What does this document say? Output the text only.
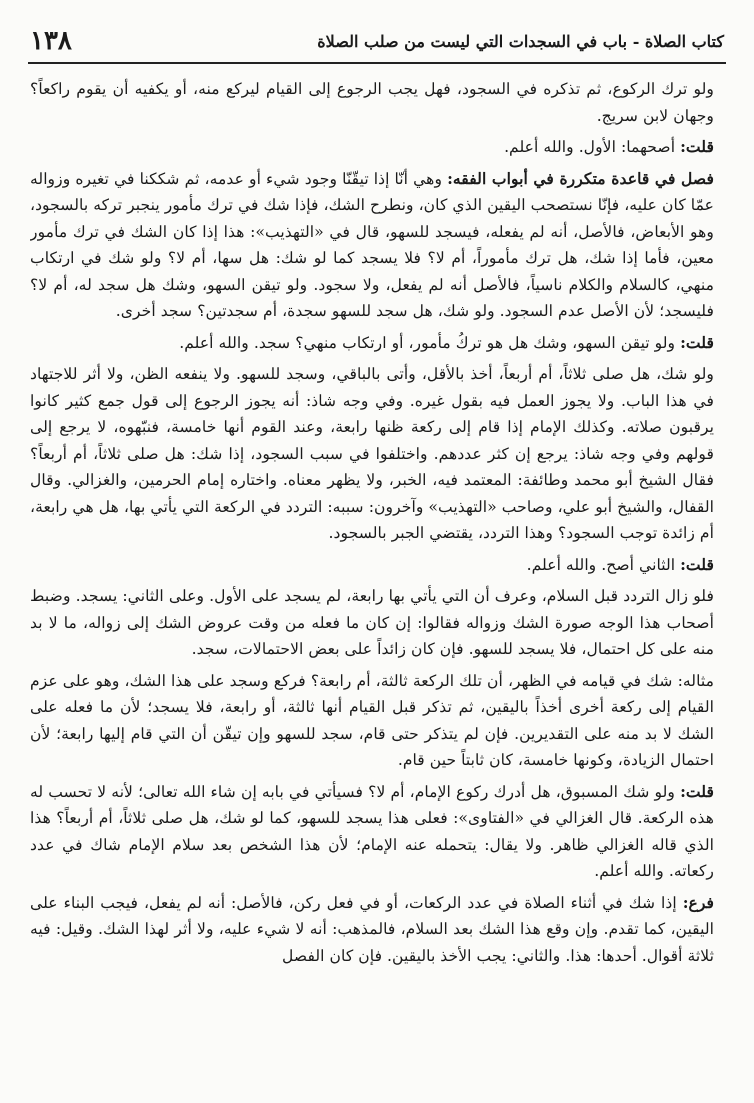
كتاب الصلاة - باب في السجدات التي ليست من صلب الصلاة
١٣٨

ولو ترك الركوع، ثم تذكره في السجود، فهل يجب الرجوع إلى القيام ليركع منه، أو يكفيه أن يقوم راكعاً؟ وجهان لابن سريج.

قلت: أصحهما: الأول. والله أعلم.

فصل في قاعدة متكررة في أبواب الفقه: وهي أنّا إذا تيقّنّا وجود شيء أو عدمه، ثم شككنا في تغيره وزواله عمّا كان عليه، فإنّا نستصحب اليقين الذي كان، ونطرح الشك، فإذا شك في ترك مأمور ينجبر تركه بالسجود، وهو الأبعاض، فالأصل، أنه لم يفعله، فيسجد للسهو، قال في «التهذيب»: هذا إذا كان الشك في ترك مأمور معين، فأما إذا شك، هل ترك مأموراً، أم لا؟ فلا يسجد كما لو شك: هل سها، أم لا؟ ولو شك في ارتكاب منهي، كالسلام والكلام ناسياً، فالأصل أنه لم يفعل، ولا سجود. ولو تيقن السهو، وشك هل سجد له، أم لا؟ فليسجد؛ لأن الأصل عدم السجود. ولو شك، هل سجد للسهو سجدة، أم سجدتين؟ سجد أخرى.

قلت: ولو تيقن السهو، وشك هل هو تركُ مأمور، أو ارتكاب منهي؟ سجد. والله أعلم.

ولو شك، هل صلى ثلاثاً، أم أربعاً، أخذ بالأقل، وأتى بالباقي، وسجد للسهو. ولا ينفعه الظن، ولا أثر للاجتهاد في هذا الباب. ولا يجوز العمل فيه بقول غيره. وفي وجه شاذ: أنه يجوز الرجوع إلى قول جمع كثير كانوا يرقبون صلاته. وكذلك الإمام إذا قام إلى ركعة ظنها رابعة، وعند القوم أنها خامسة، فنبّهوه، لا يرجع إلى قولهم وفي وجه شاذ: يرجع إن كثر عددهم. واختلفوا في سبب السجود، إذا شك: هل صلى ثلاثاً، أم أربعاً؟ فقال الشيخ أبو محمد وطائفة: المعتمد فيه، الخبر، ولا يظهر معناه. واختاره إمام الحرمين، والغزالي. وقال القفال، والشيخ أبو علي، وصاحب «التهذيب» وآخرون: سببه: التردد في الركعة التي يأتي بها، هل هي رابعة، أم زائدة توجب السجود؟ وهذا التردد، يقتضي الجبر بالسجود.

قلت: الثاني أصح. والله أعلم.

فلو زال التردد قبل السلام، وعرف أن التي يأتي بها رابعة، لم يسجد على الأول. وعلى الثاني: يسجد. وضبط أصحاب هذا الوجه صورة الشك وزواله فقالوا: إن كان ما فعله من وقت عروض الشك إلى زواله، ما لا بد منه على كل احتمال، فلا يسجد للسهو. فإن كان زائداً على بعض الاحتمالات، سجد.

مثاله: شك في قيامه في الظهر، أن تلك الركعة ثالثة، أم رابعة؟ فركع وسجد على هذا الشك، وهو على عزم القيام إلى ركعة أخرى أخذاً باليقين، ثم تذكر قبل القيام أنها ثالثة، أو رابعة، فلا يسجد؛ لأن ما فعله على الشك لا بد منه على التقديرين. فإن لم يتذكر حتى قام، سجد للسهو وإن تيقّن أن التي قام إليها رابعة؛ لأن احتمال الزيادة، وكونها خامسة، كان ثابتاً حين قام.

قلت: ولو شك المسبوق، هل أدرك ركوع الإمام، أم لا؟ فسيأتي في بابه إن شاء الله تعالى؛ لأنه لا تحسب له هذه الركعة. قال الغزالي في «الفتاوى»: فعلى هذا يسجد للسهو، كما لو شك، هل صلى ثلاثاً، أم أربعاً؟ هذا الذي قاله الغزالي ظاهر. ولا يقال: يتحمله عنه الإمام؛ لأن هذا الشخص بعد سلام الإمام شاك في عدد ركعاته. والله أعلم.

فرع: إذا شك في أثناء الصلاة في عدد الركعات، أو في فعل ركن، فالأصل: أنه لم يفعل، فيجب البناء على اليقين، كما تقدم. وإن وقع هذا الشك بعد السلام، فالمذهب: أنه لا شيء عليه، ولا أثر لهذا الشك. وقيل: فيه ثلاثة أقوال. أحدها: هذا. والثاني: يجب الأخذ باليقين. فإن كان الفصل
